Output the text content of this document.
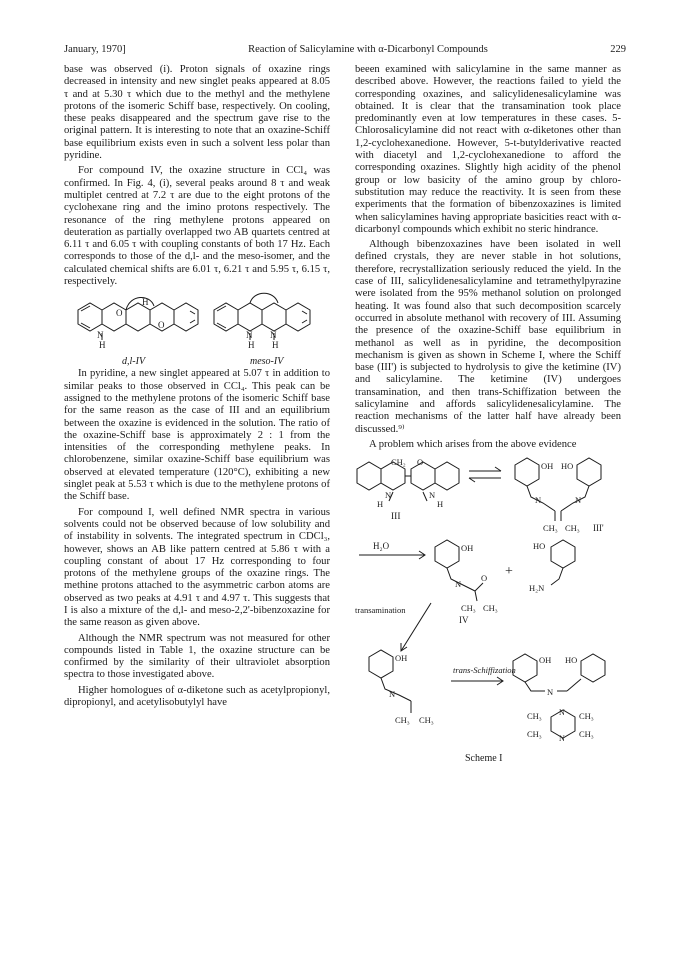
January, 1970]	Reaction of Salicylamine with α-Dicarbonyl Compounds	229

base was observed (i). Proton signals of oxazine rings decreased in intensity and new singlet peaks appeared at 8.05 τ and at 5.30 τ which due to the methyl and the methylene protons of the isomeric Schiff base, respectively. On cooling, these peaks disappeared and the spectrum gave rise to the original pattern. It is interesting to note that an oxazine-Schiff base equilibrium exists even in such a solvent less polar than pyridine.

For compound IV, the oxazine structure in CCl₄ was confirmed. In Fig. 4, (i), several peaks around 8 τ and weak multiplet centred at 7.2 τ are due to the eight protons of the cyclohexane ring and the imino protons respectively. The resonance of the ring methylene protons appeared on deuteration as partially overlapped two AB quartets centred at 6.11 τ and 6.05 τ with coupling constants of both 17 Hz. Each corresponds to those of the d,l- and the meso-isomer, and the calculated chemical shifts are 6.01 τ, 6.21 τ and 5.95 τ, 6.15 τ, respectively.

N
H
H
O
O
N
H
N
H
d,l-IV	meso-IV

In pyridine, a new singlet appeared at 5.07 τ in addition to similar peaks to those observed in CCl₄. This peak can be assigned to the methylene protons of the isomeric Schiff base for the same reason as the case of III and an equilibrium between the oxazine is evidenced in the solution. The ratio of the oxazine-Schiff base is approximately 2 : 1 from the intensities of the corresponding methylene peaks. In chlorobenzene, similar oxazine-Schiff base equilibrium was observed at elevated temperature (120°C), exhibiting a new singlet peak at 5.53 τ which is due to the methylene protons of the Schiff base.

For compound I, well defined NMR spectra in various solvents could not be observed because of low solubility and of instability in solvents. The integrated spectrum in CDCl₃, however, shows an AB like pattern centred at 5.86 τ with a coupling constant of about 17 Hz corresponding to four protons of the methylene groups of the oxazine rings. The methine protons attached to the asymmetric carbon atoms are observed as two peaks at 4.91 τ and 4.97 τ. This suggests that I is also a mixture of the d,l- and meso-2,2'-bibenzoxazine for the same reason as given above.

Although the NMR spectrum was not measured for other compounds listed in Table 1, the oxazine structure can be confirmed by the similarity of their ultraviolet absorption spectra to those investigated above.

Higher homologues of α-diketone such as acetylpropionyl, dipropionyl, and acetylisobutylyl have

beeen examined with salicylamine in the same manner as described above. However, the reactions failed to yield the corresponding oxazines, and salicylidenesalicylamine was obtained. It is clear that the transamination took place predominantly even at low temperatures in these cases. 5-Chlorosalicylamine did not react with α-diketones other than 1,2-cyclohexanedione. However, 5-t-butylderivative reacted with diacetyl and 1,2-cyclohexanedione to afford the corresponding oxazines. Slightly high acidity of the phenol group or low basicity of the amino group by chloro-substitution may reduce the reactivity. It is seen from these experiments that the formation of bibenzoxazines is limited when salicylamines having appropriate basicities react with α-dicarbonyl compounds which exhibit no steric hindrance.

Although bibenzoxazines have been isolated in well defined crystals, they are never stable in hot solutions, therefore, recrystallization seriously reduced the yield. In the case of III, salicylidenesalicylamine and tetramethylpyrazine were isolated from the 95% methanol solution on prolonged heating. It was found also that such decomposition scarcely occurred in absolute methanol with recovery of III. Assuming the presence of the oxazine-Schiff base equilibrium in methanol as well as in pyridine, the decomposition mechanism is given as shown in Scheme I, where the Schiff base (III') is subjected to hydrolysis to give the ketimine (IV) and salicylamine. The ketimine (IV) undergoes transamination, and then trans-Schiffization between the salicylamine and affords salicylidenesalicylamine. The reaction mechanisms of the latter half have already been discussed.⁹⁾

A problem which arises from the above evidence

CH₂ O
H
N	N
H
III
OH HO
N	N
CH₃ CH₃ III'
H₂O	OH
N
O
CH₃ CH₃
IV
+
HO
H₂N
transamination
trans-Schiffization
OH
N
CH₃ CH₃
OH HO
N
CH₃	CH₃
CH₃	CH₃
N
N
Scheme I
